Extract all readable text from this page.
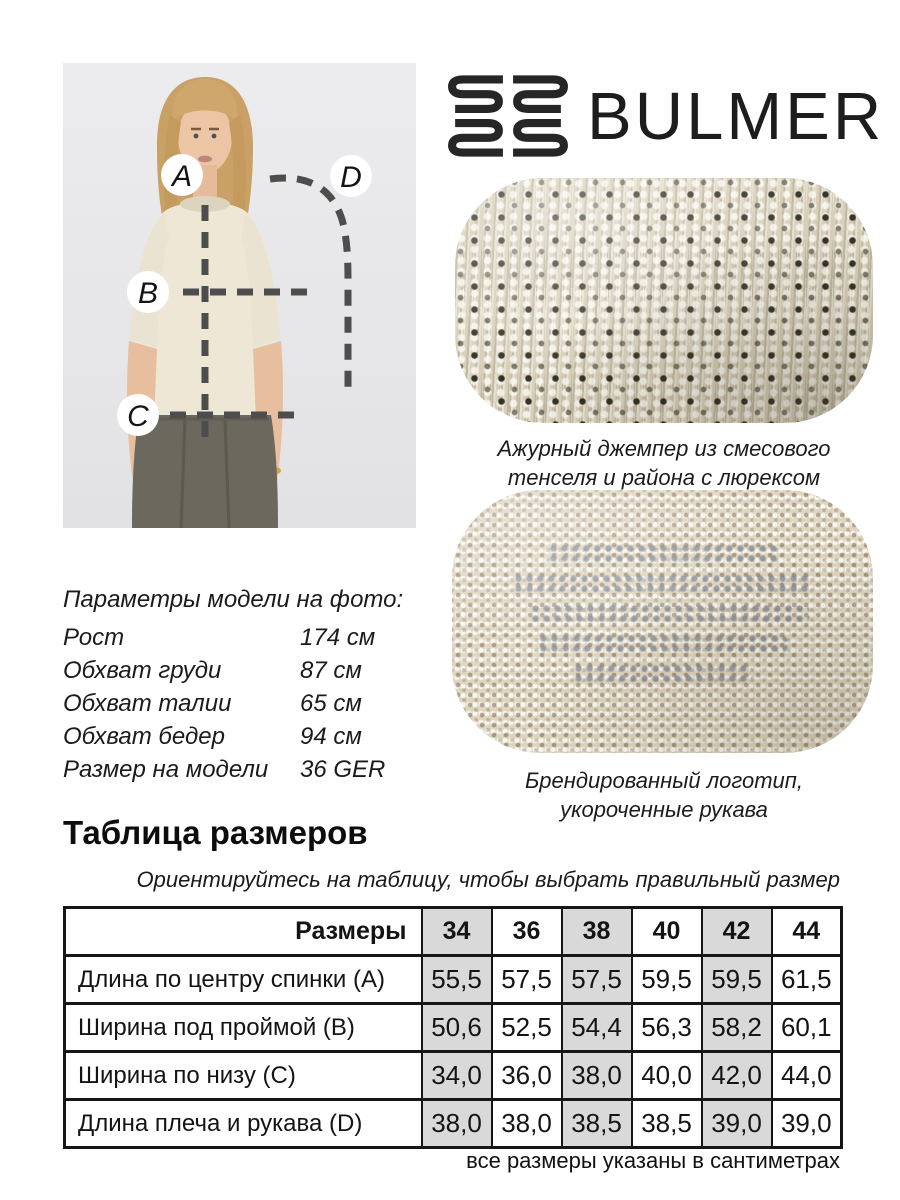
A
B
C
D
BULMER
Ажурный джемпер из смесового
тенселя и района с люрексом
Брендированный логотип,
укороченные рукава
Параметры модели на фото:
Рост	174 см
Обхват груди	87 см
Обхват талии	65 см
Обхват бедер	94 см
Размер на модели	36 GER
Таблица размеров
Ориентируйтесь на таблицу, чтобы выбрать правильный размер
Размеры	34	36	38	40	42	44
Длина по центру спинки (A)	55,5	57,5	57,5	59,5	59,5	61,5
Ширина под проймой (B)	50,6	52,5	54,4	56,3	58,2	60,1
Ширина по низу (C)	34,0	36,0	38,0	40,0	42,0	44,0
Длина плеча и рукава (D)	38,0	38,0	38,5	38,5	39,0	39,0
все размеры указаны в сантиметрах
